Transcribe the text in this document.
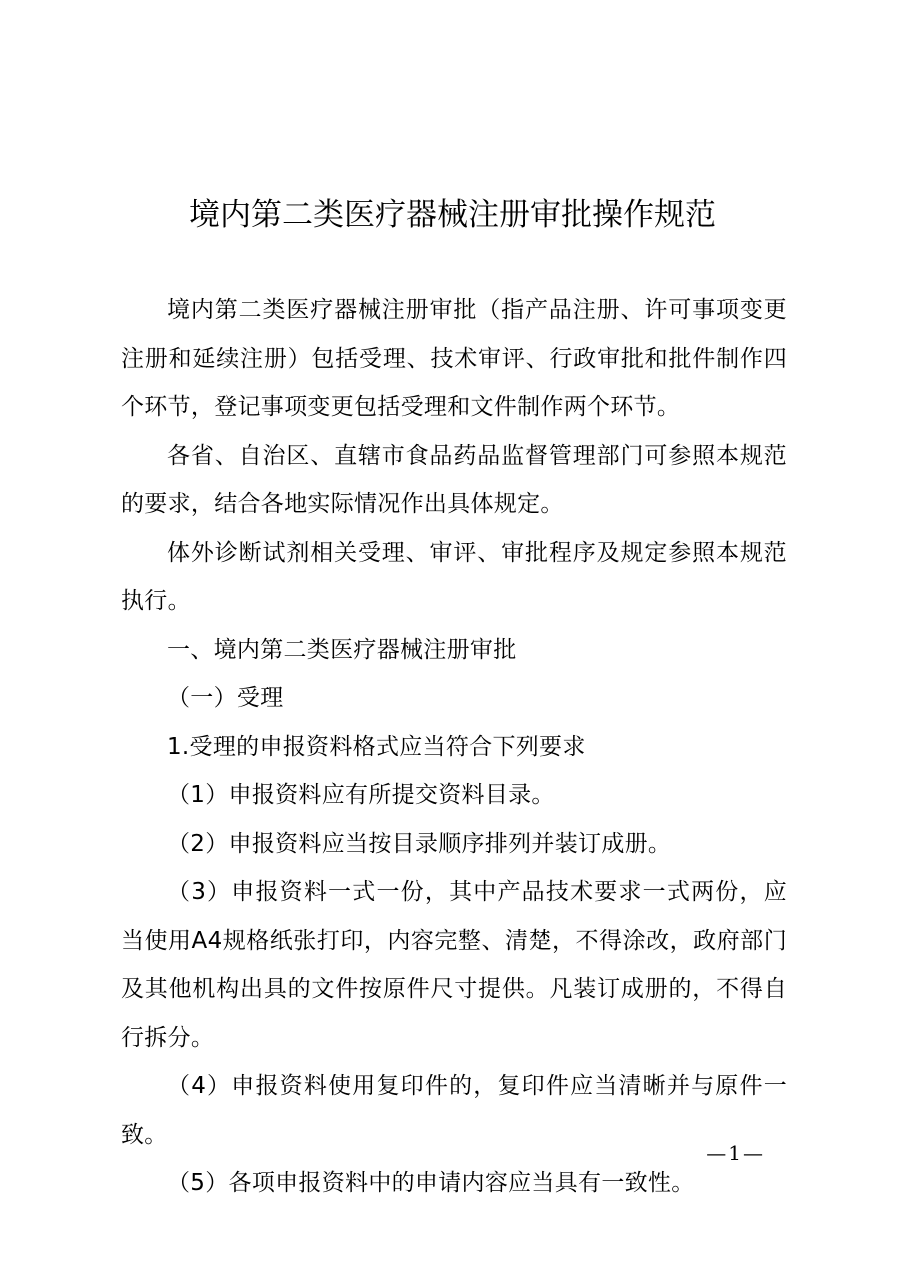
境内第二类医疗器械注册审批操作规范

境内第二类医疗器械注册审批（指产品注册、许可事项变更注册和延续注册）包括受理、技术审评、行政审批和批件制作四个环节，登记事项变更包括受理和文件制作两个环节。

各省、自治区、直辖市食品药品监督管理部门可参照本规范的要求，结合各地实际情况作出具体规定。

体外诊断试剂相关受理、审评、审批程序及规定参照本规范执行。

一、境内第二类医疗器械注册审批

（一）受理

1.受理的申报资料格式应当符合下列要求

（1）申报资料应有所提交资料目录。

（2）申报资料应当按目录顺序排列并装订成册。

（3）申报资料一式一份，其中产品技术要求一式两份，应当使用A4规格纸张打印，内容完整、清楚，不得涂改，政府部门及其他机构出具的文件按原件尺寸提供。凡装订成册的，不得自行拆分。

（4）申报资料使用复印件的，复印件应当清晰并与原件一致。

（5）各项申报资料中的申请内容应当具有一致性。

—1—
